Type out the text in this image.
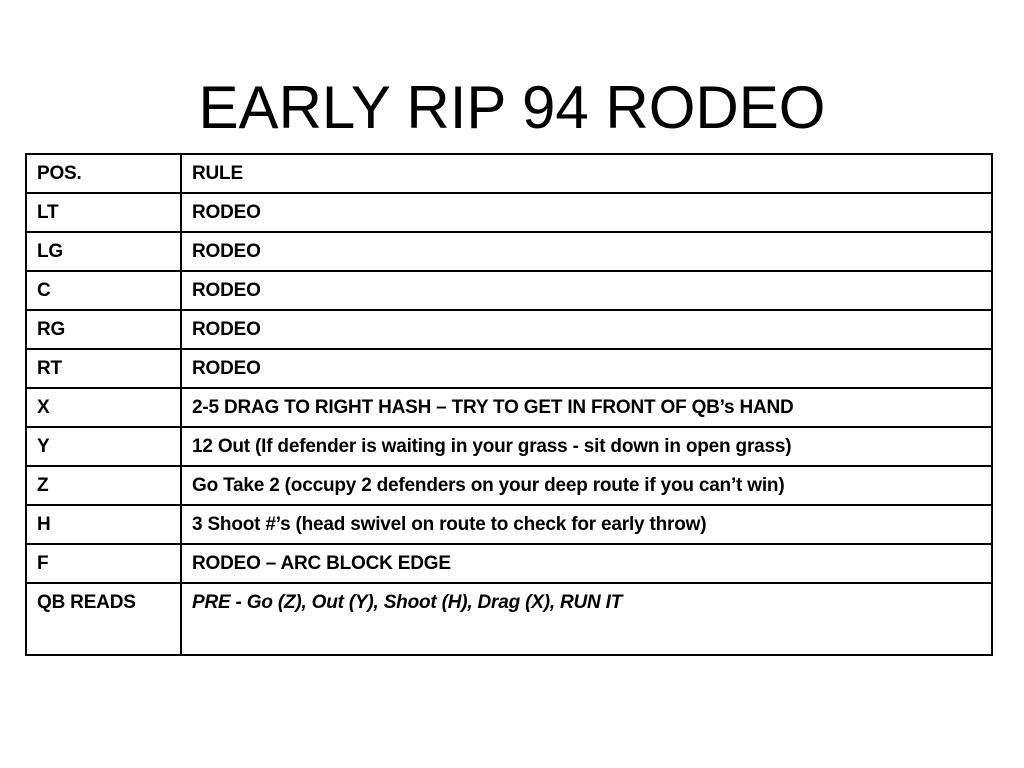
EARLY RIP 94 RODEO
POS.	RULE
LT	RODEO
LG	RODEO
C	RODEO
RG	RODEO
RT	RODEO
X	2-5 DRAG TO RIGHT HASH – TRY TO GET IN FRONT OF QB’s HAND
Y	12 Out (If defender is waiting in your grass - sit down in open grass)
Z	Go Take 2 (occupy 2 defenders on your deep route if you can’t win)
H	3 Shoot #’s (head swivel on route to check for early throw)
F	RODEO – ARC BLOCK EDGE
QB READS	PRE - Go (Z), Out (Y), Shoot (H), Drag (X), RUN IT
